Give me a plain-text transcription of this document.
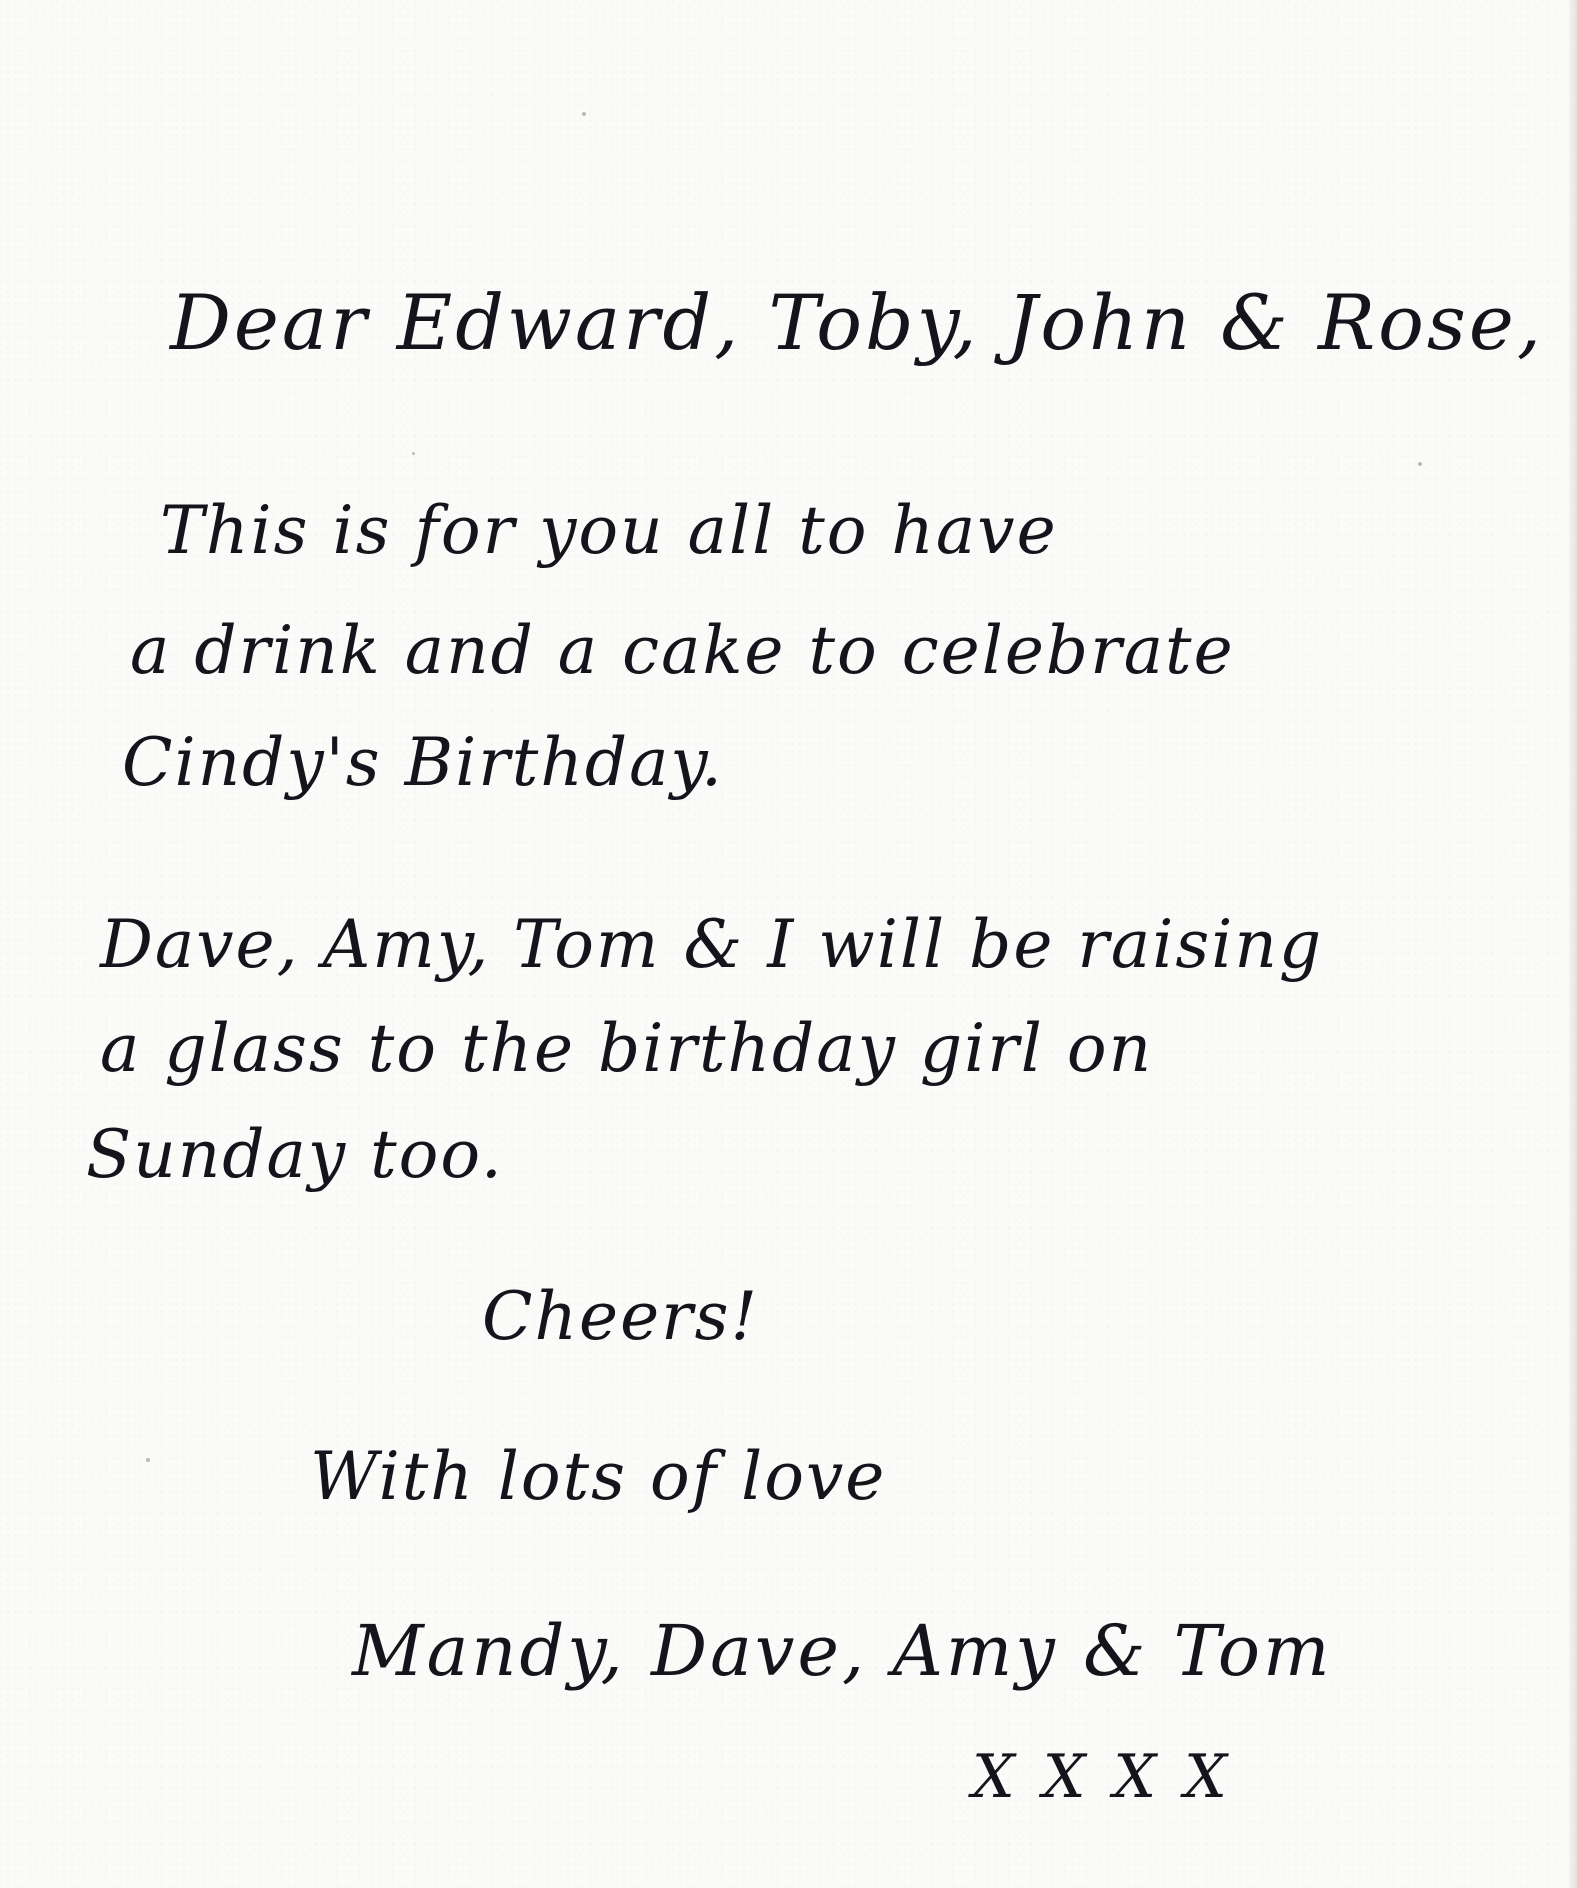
Dear Edward, Toby, John & Rose,

This is for you all to have

a drink and a cake to celebrate

Cindy's Birthday.

Dave, Amy, Tom & I will be raising

a glass to the birthday girl on

Sunday too.

Cheers!

With lots of love

Mandy, Dave, Amy & Tom

XXXX
